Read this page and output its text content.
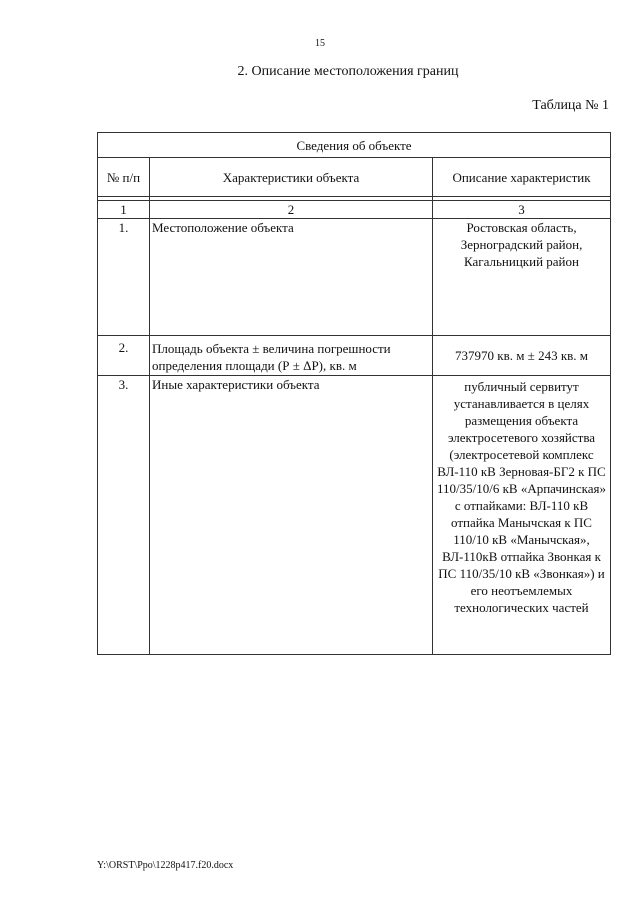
15
2. Описание местоположения границ
Таблица № 1
Сведения об объекте		
№ п/п	Характеристики объекта	Описание характеристик

1	2	3
1.	Местоположение объекта	Ростовская область, Зерноградский район, Кагальницкий район
2.	Площадь объекта ± величина погрешности определения площади (Р ± ΔР), кв. м	737970 кв. м ± 243 кв. м
3.	Иные характеристики объекта	публичный сервитут устанавливается в целях размещения объекта электросетевого хозяйства (электросетевой комплекс ВЛ-110 кВ Зерновая-БГ2 к ПС 110/35/10/6 кВ «Арпачинская» с отпайками: ВЛ-110 кВ отпайка Манычская к ПС 110/10 кВ «Манычская», ВЛ-110кВ отпайка Звонкая к ПС 110/35/10 кВ «Звонкая») и его неотъемлемых технологических частей
Y:\ORST\Ppo\1228p417.f20.docx
